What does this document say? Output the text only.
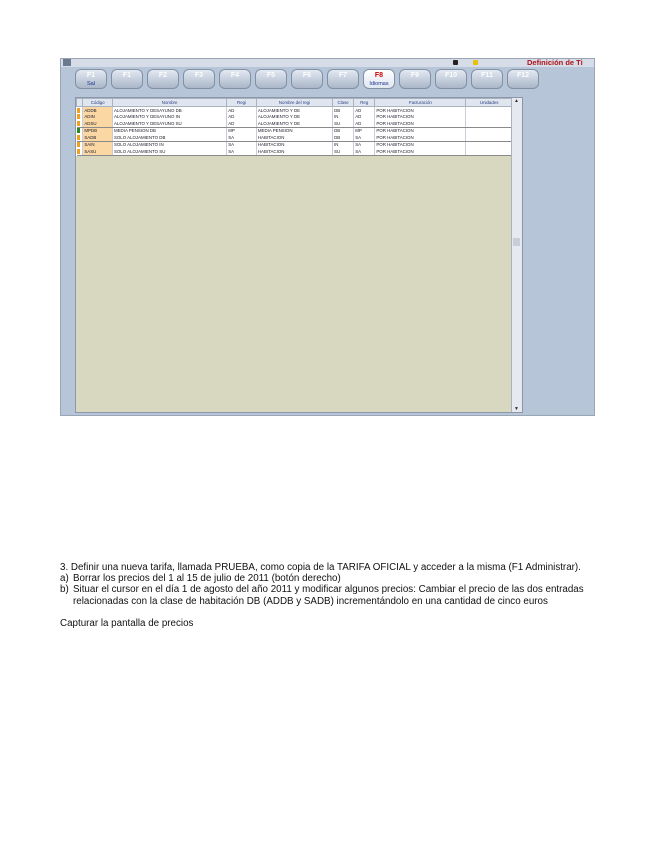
Definición de Ti
F1
Sal
F1	F2	F3	F4	F5	F6	F7	F8
Idiomas
F9	F10	F11	F12
	Código	Nombre	Regi	Nombre del regi	Clase	Reg	Facturación	Unidades
	ADDB	ALOJAMIENTO Y DESAYUNO DB	AD	ALOJAMIENTO Y DE	DB	AD	POR HABITACION	
	ADIN	ALOJAMIENTO Y DESAYUNO IN	AD	ALOJAMIENTO Y DE	IN	AD	POR HABITACION	
	ADSU	ALOJAMIENTO Y DESAYUNO SU	AD	ALOJAMIENTO Y DE	SU	AD	POR HABITACION	
	MPDB	MEDIA PENSION DB	MP	MEDIA PENSION	DB	MP	POR HABITACION	
	SADB	SOLO ALOJAMIENTO DB	SA	HABITACION	DB	SA	POR HABITACION	
	SAIN	SOLO ALOJAMIENTO IN	SA	HABITACION	IN	SA	POR HABITACION	
	SASU	SOLO ALOJAMIENTO SU	SA	HABITACION	SU	SA	POR HABITACION	
▲
▼

3. Definir una nueva tarifa, llamada PRUEBA, como copia de la TARIFA OFICIAL y acceder a la misma (F1 Administrar).

a) Borrar los precios del 1 al 15 de julio de 2011 (botón derecho)
b) Situar el cursor en el día 1 de agosto del año 2011 y modificar algunos precios: Cambiar el precio de las dos entradas relacionadas con la clase de habitación DB (ADDB y SADB) incrementándolo en una cantidad de cinco euros

Capturar la pantalla de precios
